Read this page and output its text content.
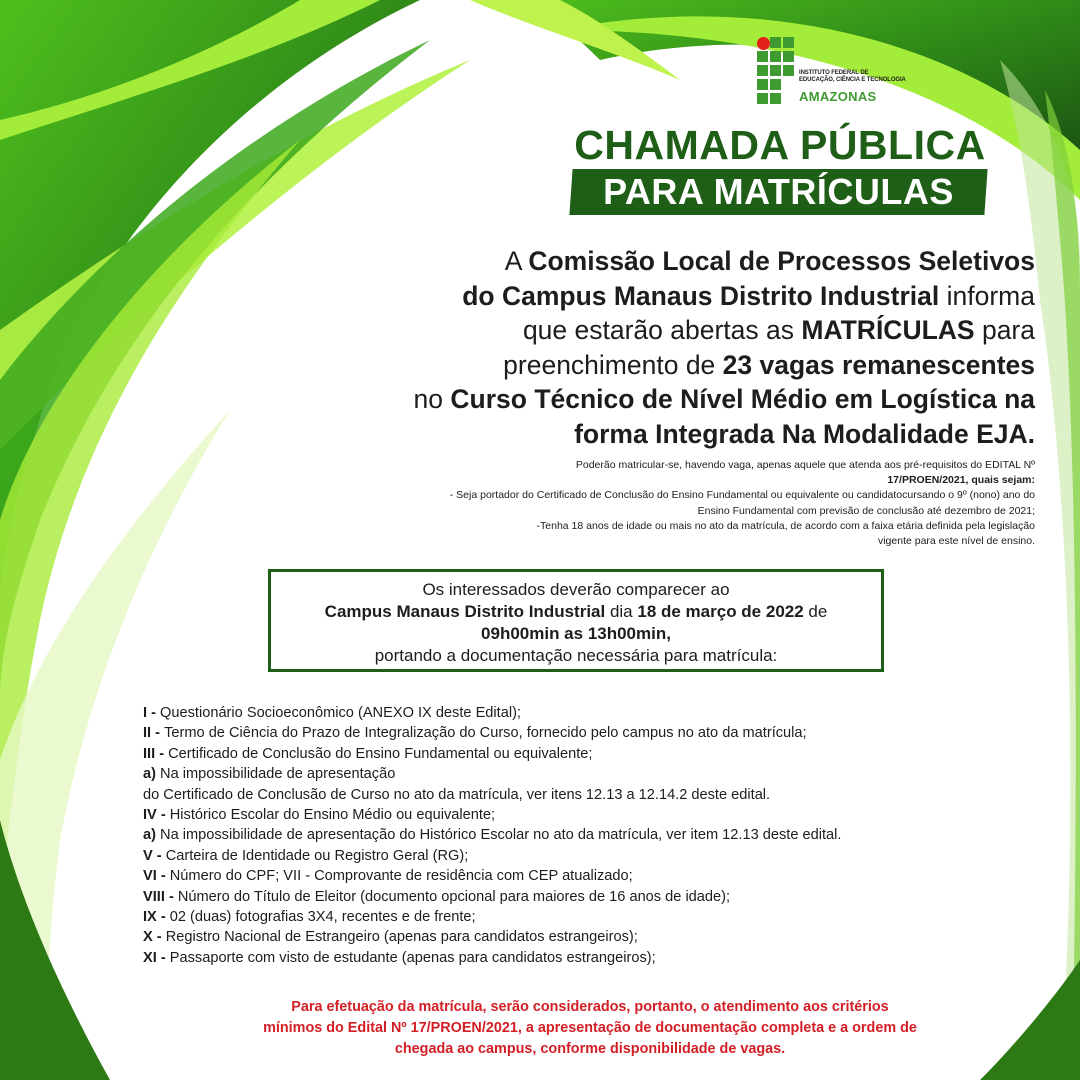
INSTITUTO FEDERAL DE
EDUCAÇÃO, CIÊNCIA E TECNOLOGIA
AMAZONAS
CHAMADA PÚBLICA
PARA MATRÍCULAS
A Comissão Local de Processos Seletivos
do Campus Manaus Distrito Industrial informa
que estarão abertas as MATRÍCULAS para
preenchimento de 23 vagas remanescentes
no Curso Técnico de Nível Médio em Logística na
forma Integrada Na Modalidade EJA.
Poderão matricular-se, havendo vaga, apenas aquele que atenda aos pré-requisitos do EDITAL Nº
17/PROEN/2021, quais sejam:
- Seja portador do Certificado de Conclusão do Ensino Fundamental ou equivalente ou candidatocursando o 9º (nono) ano do
Ensino Fundamental com previsão de conclusão até dezembro de 2021;
-Tenha 18 anos de idade ou mais no ato da matrícula, de acordo com a faixa etária definida pela legislação
vigente para este nível de ensino.
Os interessados deverão comparecer ao
Campus Manaus Distrito Industrial dia 18 de março de 2022 de
09h00min as 13h00min,
portando a documentação necessária para matrícula:
I - Questionário Socioeconômico (ANEXO IX deste Edital);
II - Termo de Ciência do Prazo de Integralização do Curso, fornecido pelo campus no ato da matrícula;
III - Certificado de Conclusão do Ensino Fundamental ou equivalente;
a) Na impossibilidade de apresentação
do Certificado de Conclusão de Curso no ato da matrícula, ver itens 12.13 a 12.14.2 deste edital.
IV - Histórico Escolar do Ensino Médio ou equivalente;
a) Na impossibilidade de apresentação do Histórico Escolar no ato da matrícula, ver item 12.13 deste edital.
V - Carteira de Identidade ou Registro Geral (RG);
VI - Número do CPF; VII - Comprovante de residência com CEP atualizado;
VIII - Número do Título de Eleitor (documento opcional para maiores de 16 anos de idade);
IX - 02 (duas) fotografias 3X4, recentes e de frente;
X - Registro Nacional de Estrangeiro (apenas para candidatos estrangeiros);
XI - Passaporte com visto de estudante (apenas para candidatos estrangeiros);
Para efetuação da matrícula, serão considerados, portanto, o atendimento aos critérios
mínimos do Edital Nº 17/PROEN/2021, a apresentação de documentação completa e a ordem de
chegada ao campus, conforme disponibilidade de vagas.
